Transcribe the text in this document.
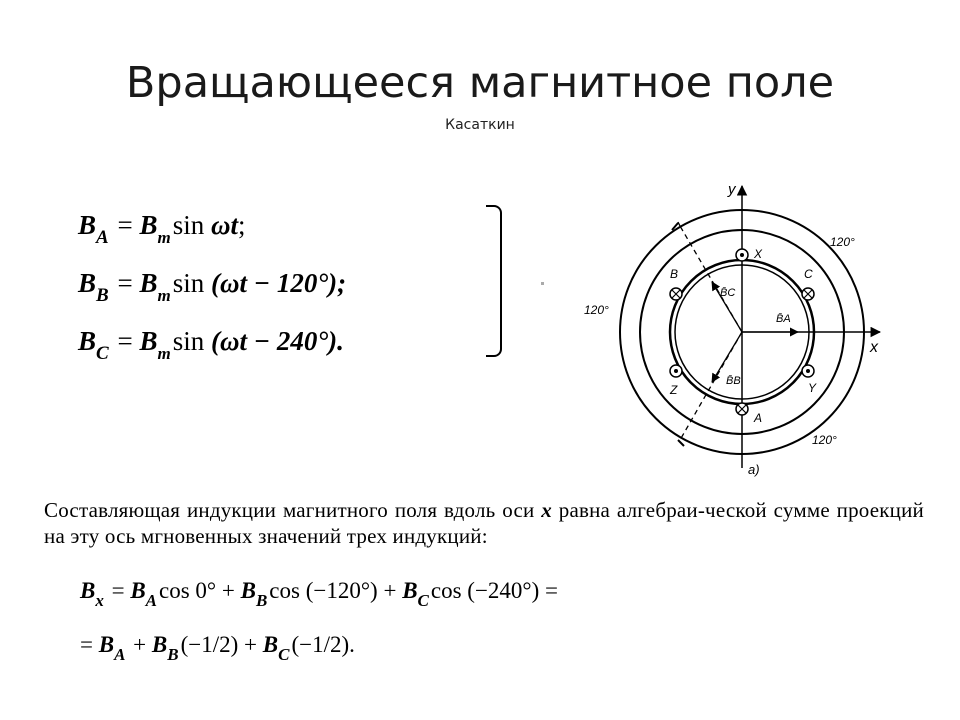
Вращающееся магнитное поле
Касаткин
$B_A = B_m\sin$ ωt;
$B_B = B_m\sin$ (ωt − 120°);
$B_C = B_m\sin$ (ωt − 240°).
y
x
X
C
Y
A
Z
B
B̄C
B̄A
B̄B
120°
120°
120°
a)
Составляющая индукции магнитного поля вдоль оси x равна алгебраи-ческой сумме проекций на эту ось мгновенных значений трех индукций:
$B_x = B_A\cos$ $0^\circ + B_B\cos$ $(-120^\circ) + B_C\cos$ (−240°) =
= $B_A + B_B(-1/2) + B_C(-1/2)$.
